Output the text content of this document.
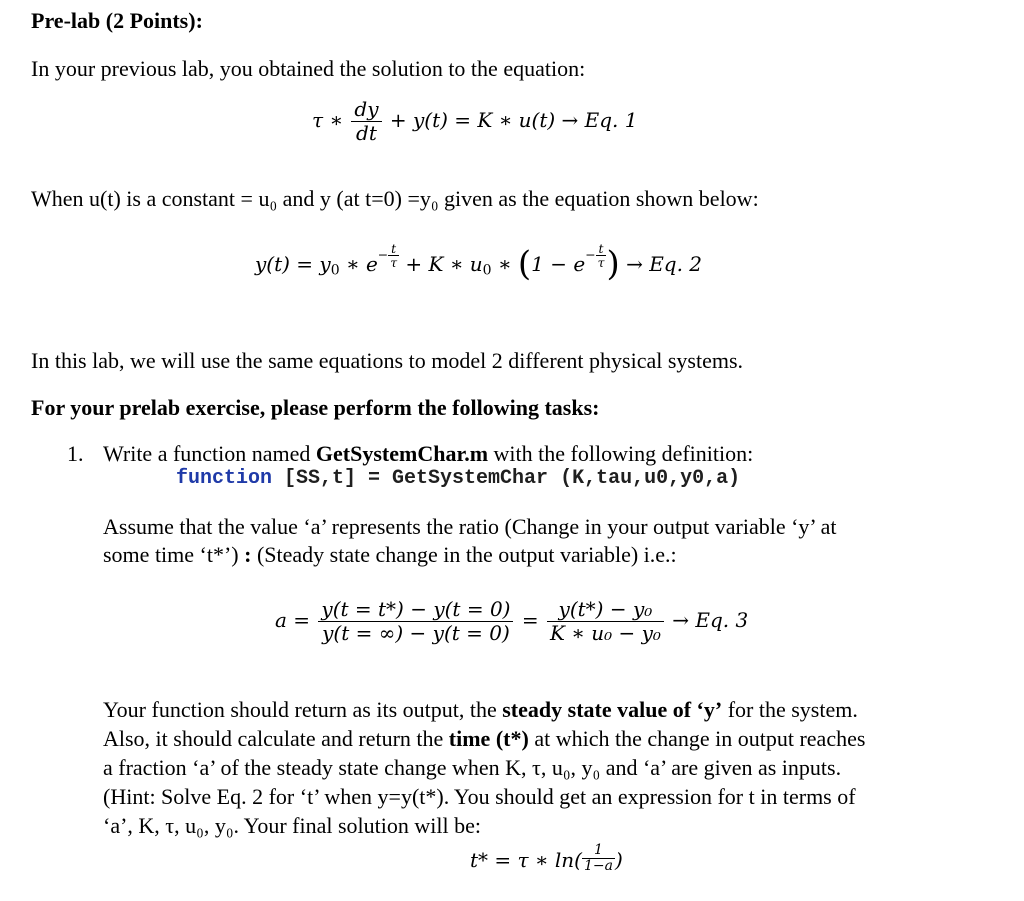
Pre-lab (2 Points):
In your previous lab, you obtained the solution to the equation:
τ ∗ $\frac{dy}{dt} + y(t) = K$ ∗ u(t) → Eq. 1
When u(t) is a constant = u₀ and y (at t=0) =y₀ given as the equation shown below:
$y(t) = y_0$ ∗ $e- \frac{t}{\tau} + K$ ∗ $u_0$ ∗ ($1 - e- \frac{t}{\tau}$ ) → Eq. 2
In this lab, we will use the same equations to model 2 different physical systems.
For your prelab exercise, please perform the following tasks:
1. Write a function named GetSystemChar.m with the following definition:
function [SS,t] = GetSystemChar (K,tau,u0,y0,a)
Assume that the value ‘a’ represents the ratio (Change in your output variable ‘y’ at
some time ‘t*’) : (Steady state change in the output variable) i.e.:
$a = \frac{y(t = t*) - y(t = 0)}{y(t = \infty) - y(t = 0)} = \frac{\text{y(t*) − y₀}}{\text{K ∗ u₀ − y₀}} \to Eq$. 3
Your function should return as its output, the steady state value of ‘y’ for the system.
Also, it should calculate and return the time (t*) at which the change in output reaches
a fraction ‘a’ of the steady state change when K, τ, u₀, y₀ and ‘a’ are given as inputs.
(Hint: Solve Eq. 2 for ‘t’ when y=y(t*). You should get an expression for t in terms of
‘a’, K, τ, u₀, y₀. Your final solution will be:
t* = τ ∗ $\ln( \frac{1}{1-a}$ )
